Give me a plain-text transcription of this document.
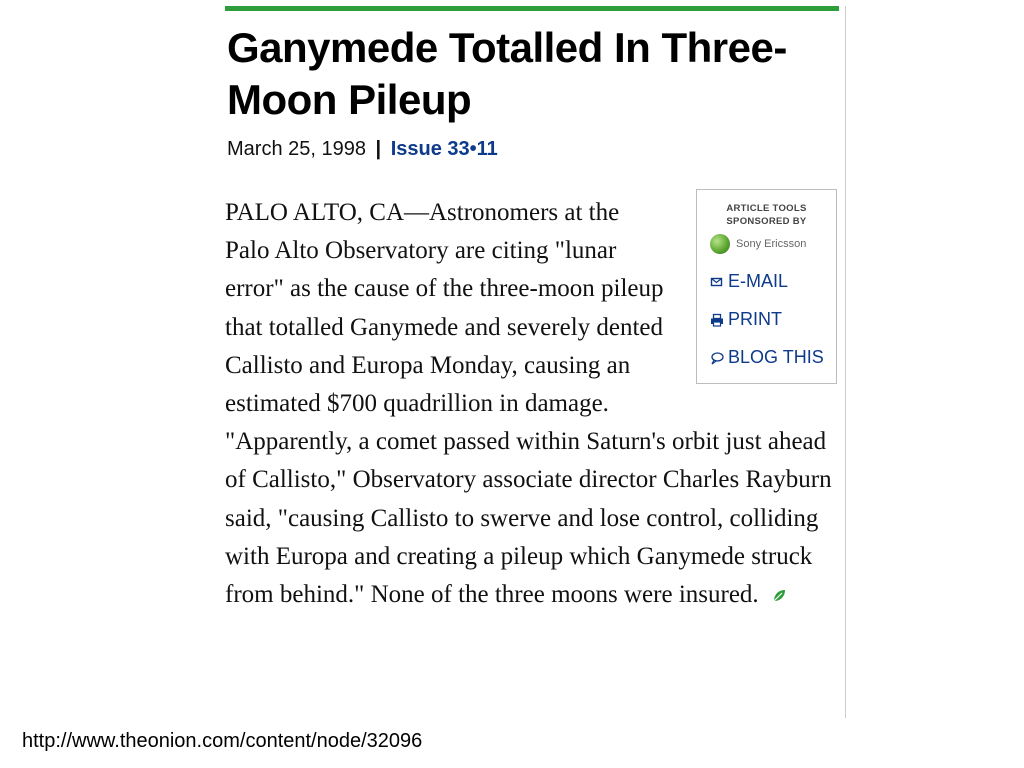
Ganymede Totalled In Three-Moon Pileup
March 25, 1998 | Issue 33•11
ARTICLE TOOLS SPONSORED BY
Sony Ericsson
E-MAIL
PRINT
BLOG THIS
PALO ALTO, CA—Astronomers at the Palo Alto Observatory are citing "lunar error" as the cause of the three-moon pileup that totalled Ganymede and severely dented Callisto and Europa Monday, causing an estimated $700 quadrillion in damage. "Apparently, a comet passed within Saturn's orbit just ahead of Callisto," Observatory associate director Charles Rayburn said, "causing Callisto to swerve and lose control, colliding with Europa and creating a pileup which Ganymede struck from behind." None of the three moons were insured.
http://www.theonion.com/content/node/32096
